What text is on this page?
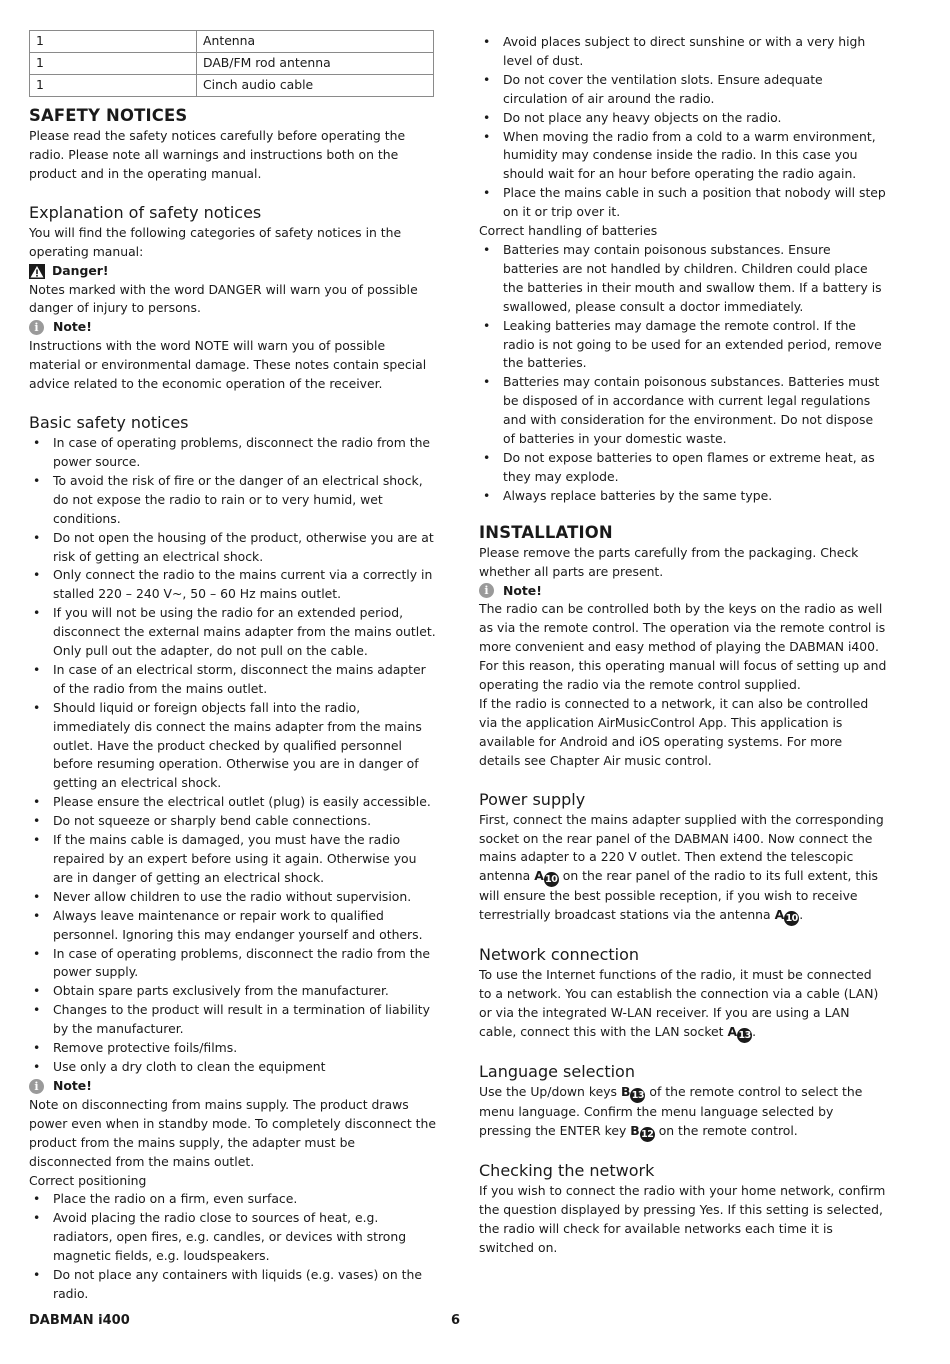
1	Antenna
1	DAB/FM rod antenna
1	Cinch audio cable
SAFETY NOTICES

Please read the safety notices carefully before operating the radio. Please note all warnings and instructions both on the product and in the operating manual.

Explanation of safety notices

You will find the following categories of safety notices in the operating manual:

Danger!

Notes marked with the word DANGER will warn you of possible danger of injury to persons.

i	Note!

Instructions with the word NOTE will warn you of possible material or environmental damage. These notes contain special advice related to the economic operation of the receiver.

Basic safety notices
• In case of operating problems, disconnect the radio from the power source.
• To avoid the risk of fire or the danger of an electrical shock, do not expose the radio to rain or to very humid, wet conditions.
• Do not open the housing of the product, otherwise you are at risk of getting an electrical shock.
• Only connect the radio to the mains current via a correctly in stalled 220 – 240 V~, 50 – 60 Hz mains outlet.
• If you will not be using the radio for an extended period, disconnect the external mains adapter from the mains outlet. Only pull out the adapter, do not pull on the cable.
• In case of an electrical storm, disconnect the mains adapter of the radio from the mains outlet.
• Should liquid or foreign objects fall into the radio, immediately dis connect the mains adapter from the mains outlet. Have the product checked by qualified personnel before resuming operation. Otherwise you are in danger of getting an electrical shock.
• Please ensure the electrical outlet (plug) is easily accessible.
• Do not squeeze or sharply bend cable connections.
• If the mains cable is damaged, you must have the radio repaired by an expert before using it again. Otherwise you are in danger of getting an electrical shock.
• Never allow children to use the radio without supervision.
• Always leave maintenance or repair work to qualified personnel. Ignoring this may endanger yourself and others.
• In case of operating problems, disconnect the radio from the power supply.
• Obtain spare parts exclusively from the manufacturer.
• Changes to the product will result in a termination of liability by the manufacturer.
• Remove protective foils/films.
• Use only a dry cloth to clean the equipment
i	Note!

Note on disconnecting from mains supply. The product draws power even when in standby mode. To completely disconnect the product from the mains supply, the adapter must be disconnected from the mains outlet.

Correct positioning

• Place the radio on a firm, even surface.
• Avoid placing the radio close to sources of heat, e.g. radiators, open fires, e.g. candles, or devices with strong magnetic fields, e.g. loudspeakers.
• Do not place any containers with liquids (e.g. vases) on the radio.
• Avoid places subject to direct sunshine or with a very high level of dust.
• Do not cover the ventilation slots. Ensure adequate circulation of air around the radio.
• Do not place any heavy objects on the radio.
• When moving the radio from a cold to a warm environment, humidity may condense inside the radio. In this case you should wait for an hour before operating the radio again.
• Place the mains cable in such a position that nobody will step on it or trip over it.

Correct handling of batteries

• Batteries may contain poisonous substances. Ensure batteries are not handled by children. Children could place the batteries in their mouth and swallow them. If a battery is swallowed, please consult a doctor immediately.
• Leaking batteries may damage the remote control. If the radio is not going to be used for an extended period, remove the batteries.
• Batteries may contain poisonous substances. Batteries must be disposed of in accordance with current legal regulations and with consideration for the environment. Do not dispose of batteries in your domestic waste.
• Do not expose batteries to open flames or extreme heat, as they may explode.
• Always replace batteries by the same type.
INSTALLATION

Please remove the parts carefully from the packaging. Check whether all parts are present.

i	Note!

The radio can be controlled both by the keys on the radio as well as via the remote control. The operation via the remote control is more convenient and easy method of playing the DABMAN i400. For this reason, this operating manual will focus of setting up and operating the radio via the remote control supplied.

If the radio is connected to a network, it can also be controlled via the application AirMusicControl App. This application is available for Android and iOS operating systems. For more details see Chapter Air music control.

Power supply

First, connect the mains adapter supplied with the corresponding socket on the rear panel of the DABMAN i400. Now connect the mains adapter to a 220 V outlet. Then extend the telescopic antenna A10 on the rear panel of the radio to its full extent, this will ensure the best possible reception, if you wish to receive terrestrially broadcast stations via the antenna A10.

Network connection

To use the Internet functions of the radio, it must be connected to a network. You can establish the connection via a cable (LAN) or via the integrated W-LAN receiver. If you are using a LAN cable, connect this with the LAN socket A13.

Language selection

Use the Up/down keys B13 of the remote control to select the menu language. Confirm the menu language selected by pressing the ENTER key B12 on the remote control.

Checking the network

If you wish to connect the radio with your home network, confirm the question displayed by pressing Yes. If this setting is selected, the radio will check for available networks each time it is switched on.

DABMAN i400	6
